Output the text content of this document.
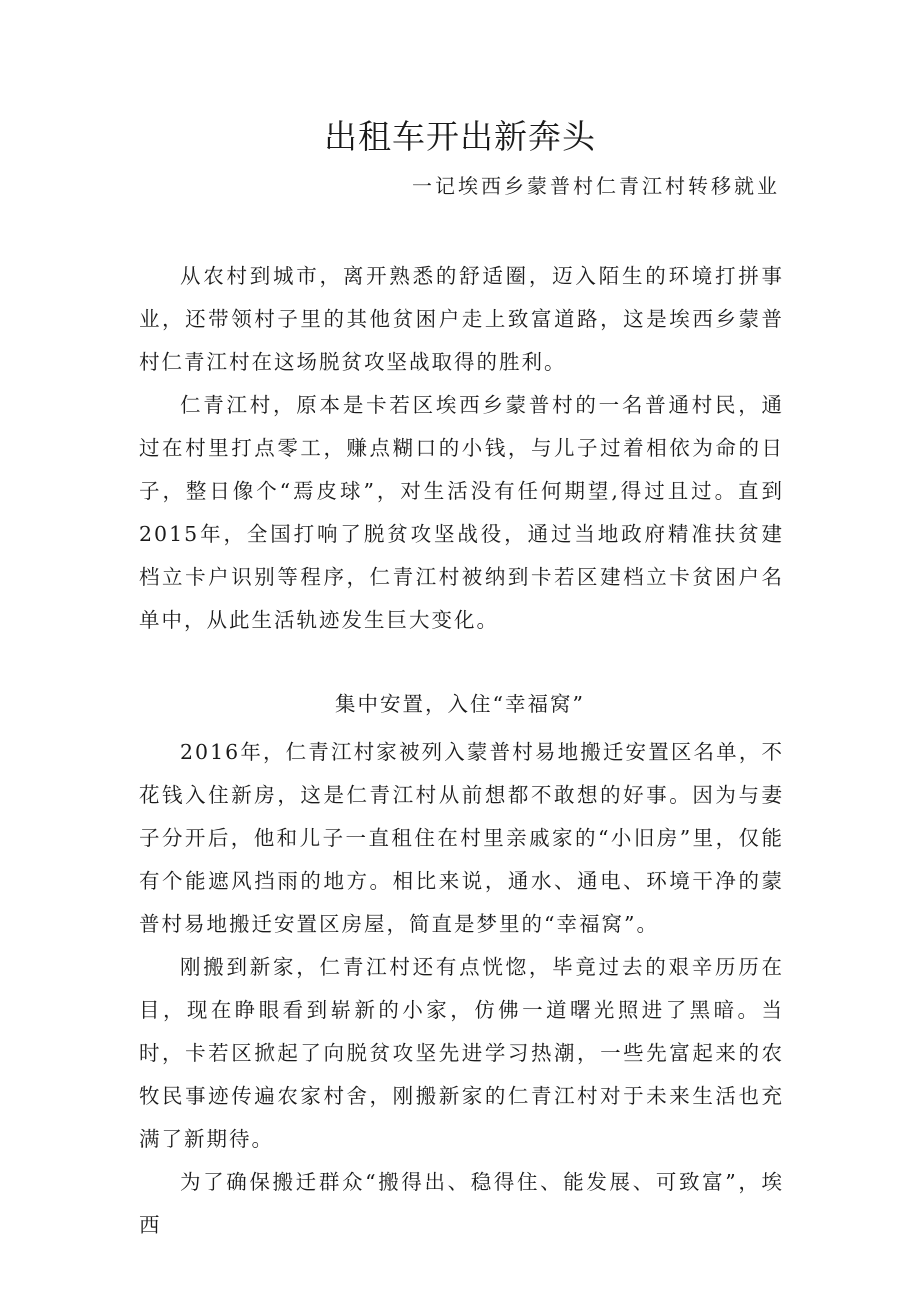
出租车开出新奔头
一记埃西乡蒙普村仁青江村转移就业

从农村到城市，离开熟悉的舒适圈，迈入陌生的环境打拼事业，还带领村子里的其他贫困户走上致富道路，这是埃西乡蒙普村仁青江村在这场脱贫攻坚战取得的胜利。

仁青江村，原本是卡若区埃西乡蒙普村的一名普通村民，通过在村里打点零工，赚点糊口的小钱，与儿子过着相依为命的日子，整日像个“焉皮球”，对生活没有任何期望,得过且过。直到2015年，全国打响了脱贫攻坚战役，通过当地政府精准扶贫建档立卡户识别等程序，仁青江村被纳到卡若区建档立卡贫困户名单中，从此生活轨迹发生巨大变化。

集中安置，入住“幸福窝”

2016年，仁青江村家被列入蒙普村易地搬迁安置区名单，不花钱入住新房，这是仁青江村从前想都不敢想的好事。因为与妻子分开后，他和儿子一直租住在村里亲戚家的“小旧房”里，仅能有个能遮风挡雨的地方。相比来说，通水、通电、环境干净的蒙普村易地搬迁安置区房屋，简直是梦里的“幸福窝”。

刚搬到新家，仁青江村还有点恍惚，毕竟过去的艰辛历历在目，现在睁眼看到崭新的小家，仿佛一道曙光照进了黑暗。当时，卡若区掀起了向脱贫攻坚先进学习热潮，一些先富起来的农牧民事迹传遍农家村舍，刚搬新家的仁青江村对于未来生活也充满了新期待。

为了确保搬迁群众“搬得出、稳得住、能发展、可致富”，埃西
